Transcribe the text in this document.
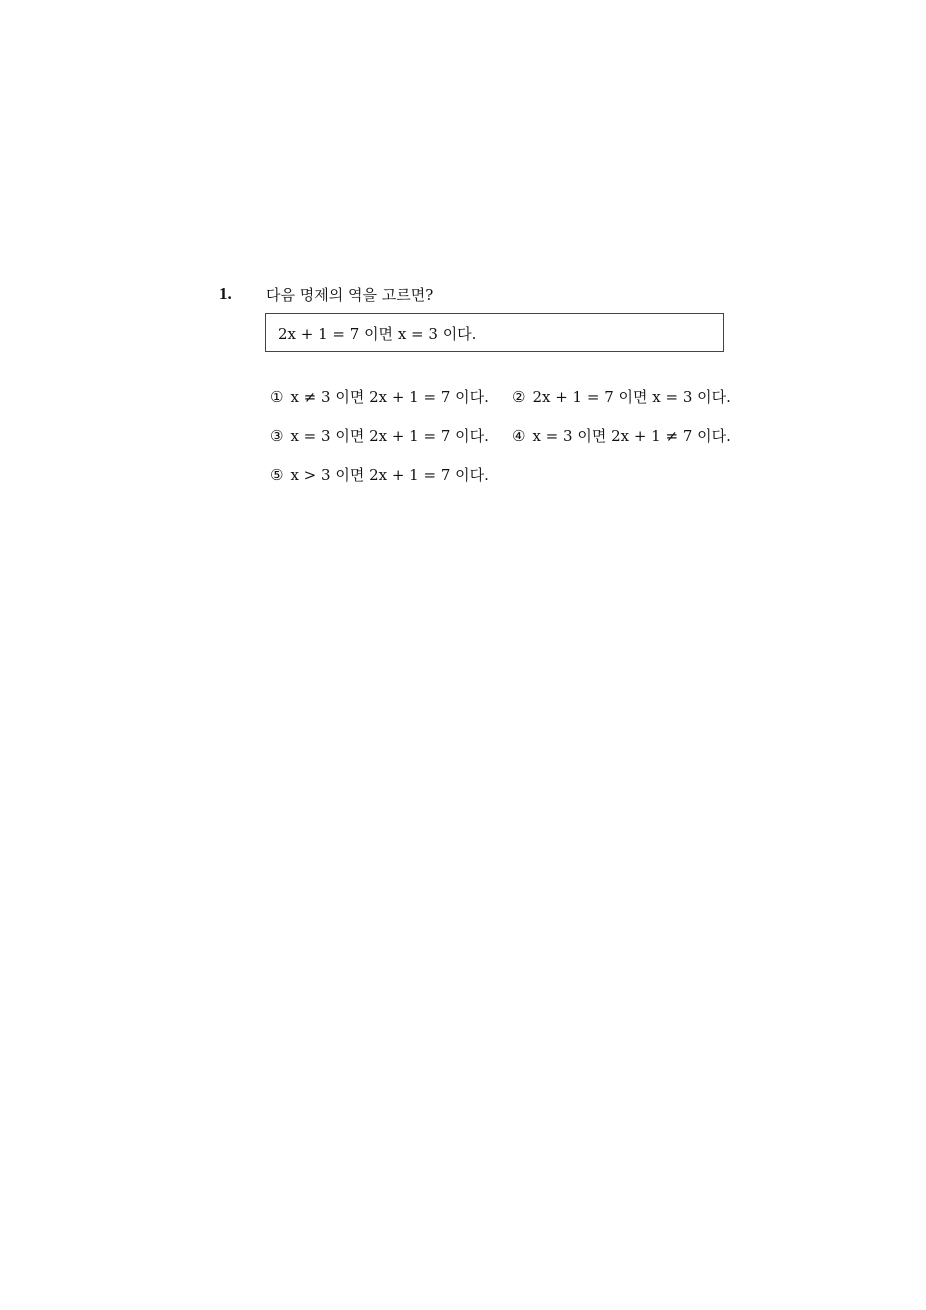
1. 다음 명제의 역을 고르면?
2x + 1 = 7 이면 x = 3 이다.
① x ≠ 3 이면 2x + 1 = 7 이다. ② 2x + 1 = 7 이면 x = 3 이다.
③ x = 3 이면 2x + 1 = 7 이다. ④ x = 3 이면 2x + 1 ≠ 7 이다.
⑤ x > 3 이면 2x + 1 = 7 이다.
